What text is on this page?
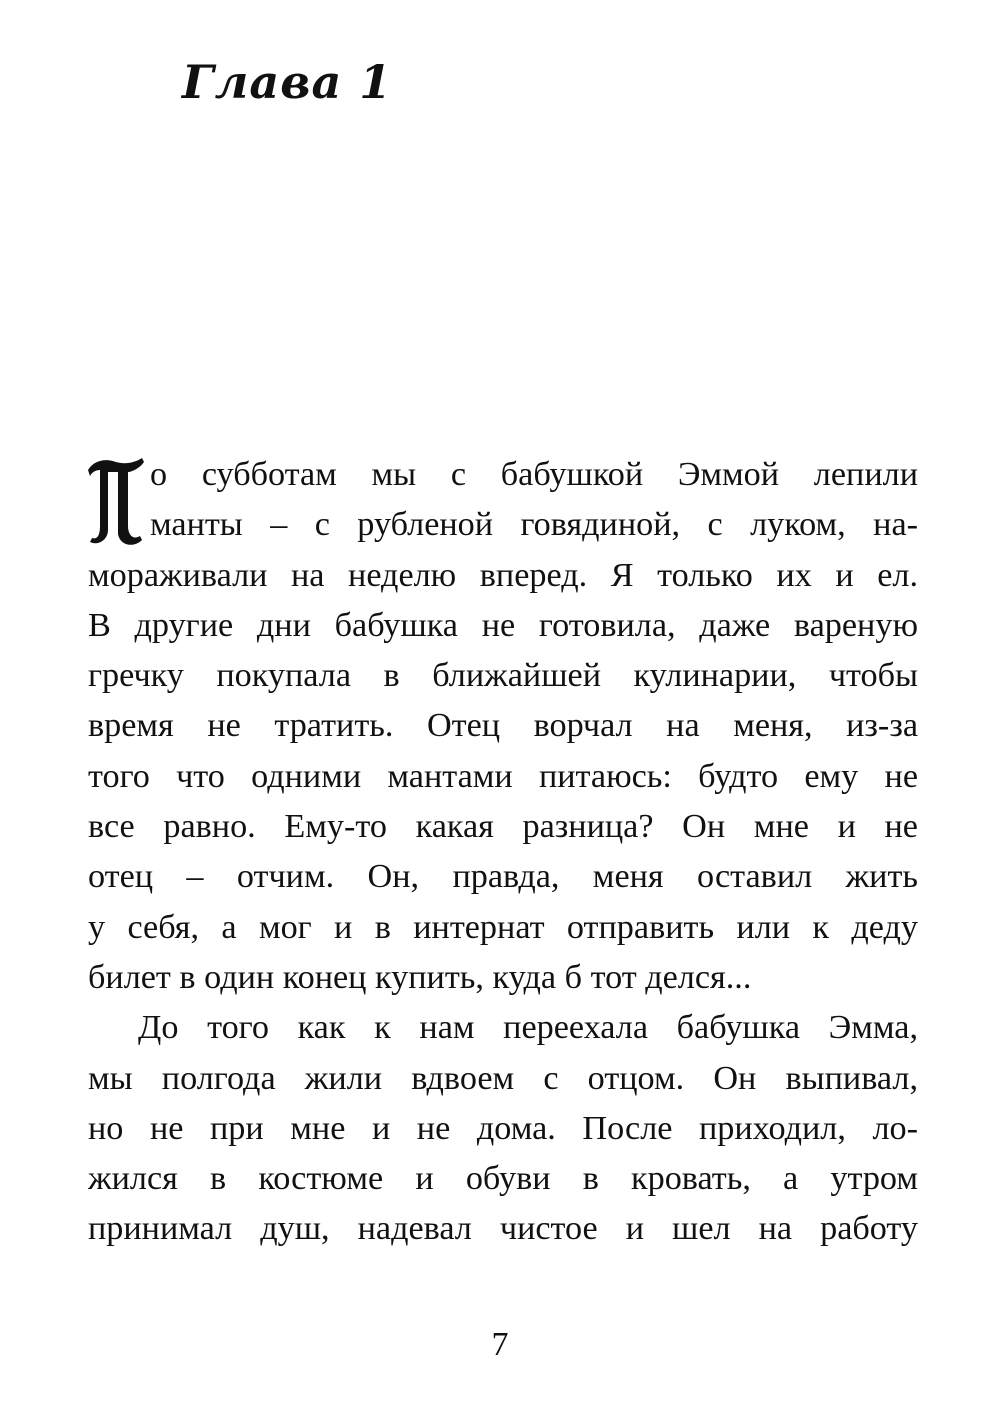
Глава 1
о субботам мы с бабушкой Эммой лепили
манты – с рубленой говядиной, с луком, на-
мораживали на неделю вперед. Я только их и ел.
В другие дни бабушка не готовила, даже вареную
гречку покупала в ближайшей кулинарии, чтобы
время не тратить. Отец ворчал на меня, из-за
того что одними мантами питаюсь: будто ему не
все равно. Ему-то какая разница? Он мне и не
отец – отчим. Он, правда, меня оставил жить
у себя, а мог и в интернат отправить или к деду
билет в один конец купить, куда б тот делся...
До того как к нам переехала бабушка Эмма,
мы полгода жили вдвоем с отцом. Он выпивал,
но не при мне и не дома. После приходил, ло-
жился в костюме и обуви в кровать, а утром
принимал душ, надевал чистое и шел на работу
7
